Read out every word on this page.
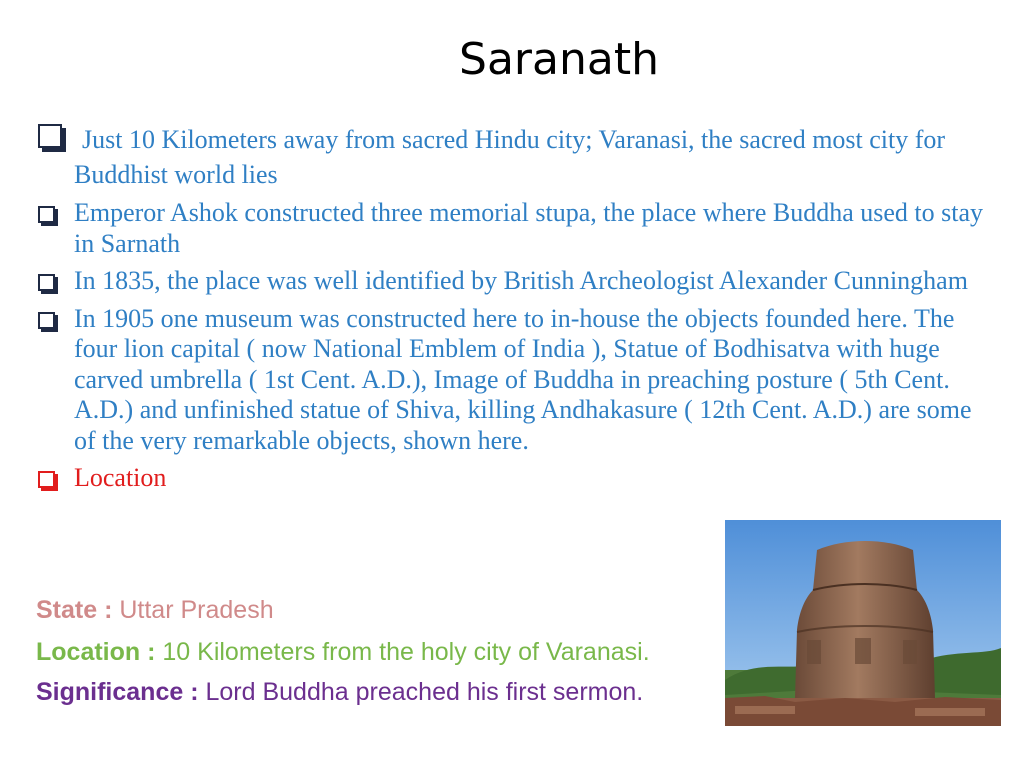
Saranath
Just 10 Kilometers away from sacred Hindu city; Varanasi, the sacred most city for Buddhist world lies
Emperor Ashok constructed three memorial stupa, the place where Buddha used to stay in Sarnath
In 1835, the place was well identified by British Archeologist Alexander Cunningham
In 1905 one museum was constructed here to in-house the objects founded here. The four lion capital ( now National Emblem of India ), Statue of Bodhisatva with huge carved umbrella ( 1st Cent. A.D.), Image of Buddha in preaching posture ( 5th Cent. A.D.) and unfinished statue of Shiva, killing Andhakasure ( 12th Cent. A.D.) are some of the very remarkable objects, shown here.
Location
State : Uttar Pradesh
Location : 10 Kilometers from the holy city of Varanasi.
Significance : Lord Buddha preached his first sermon.
